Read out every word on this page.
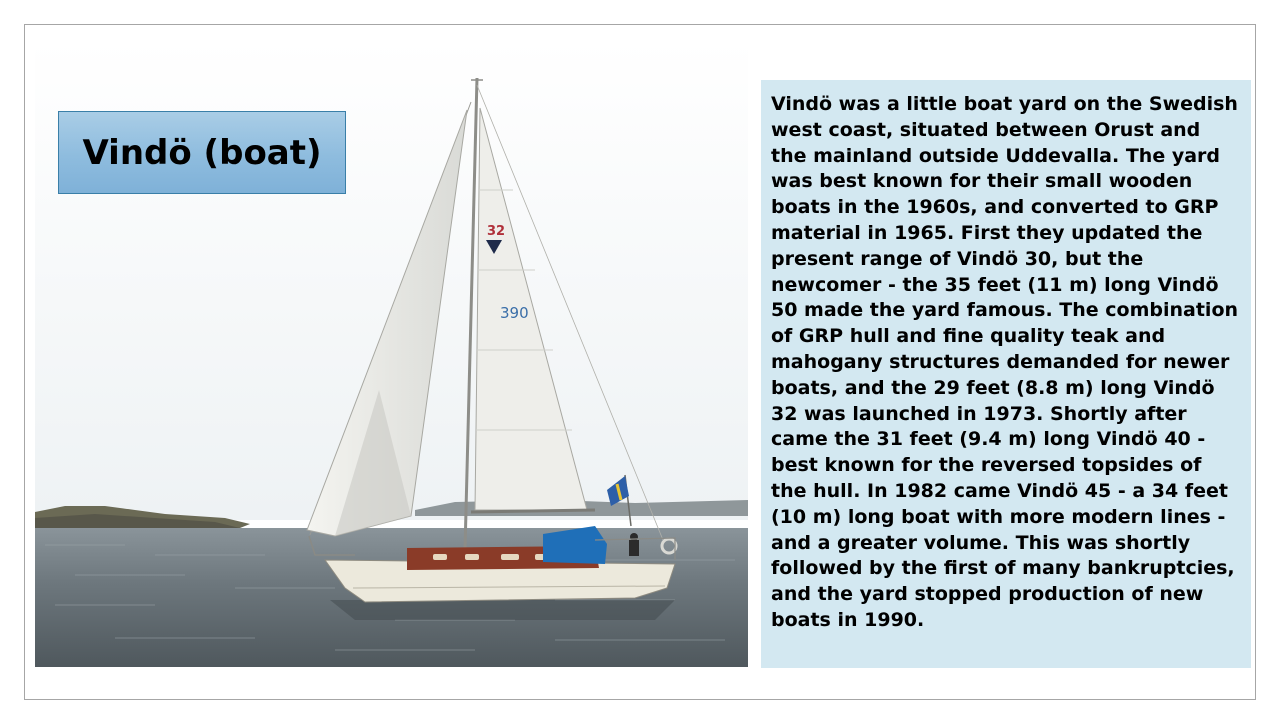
32
390
Vindö (boat)

Vindö was a little boat yard on the Swedish west coast, situated between Orust and the mainland outside Uddevalla. The yard was best known for their small wooden boats in the 1960s, and converted to GRP material in 1965. First they updated the present range of Vindö 30, but the newcomer - the 35 feet (11 m) long Vindö 50 made the yard famous. The combination of GRP hull and fine quality teak and mahogany structures demanded for newer boats, and the 29 feet (8.8 m) long Vindö 32 was launched in 1973. Shortly after came the 31 feet (9.4 m) long Vindö 40 - best known for the reversed topsides of the hull. In 1982 came Vindö 45 - a 34 feet (10 m) long boat with more modern lines - and a greater volume. This was shortly followed by the first of many bankruptcies, and the yard stopped production of new boats in 1990.
